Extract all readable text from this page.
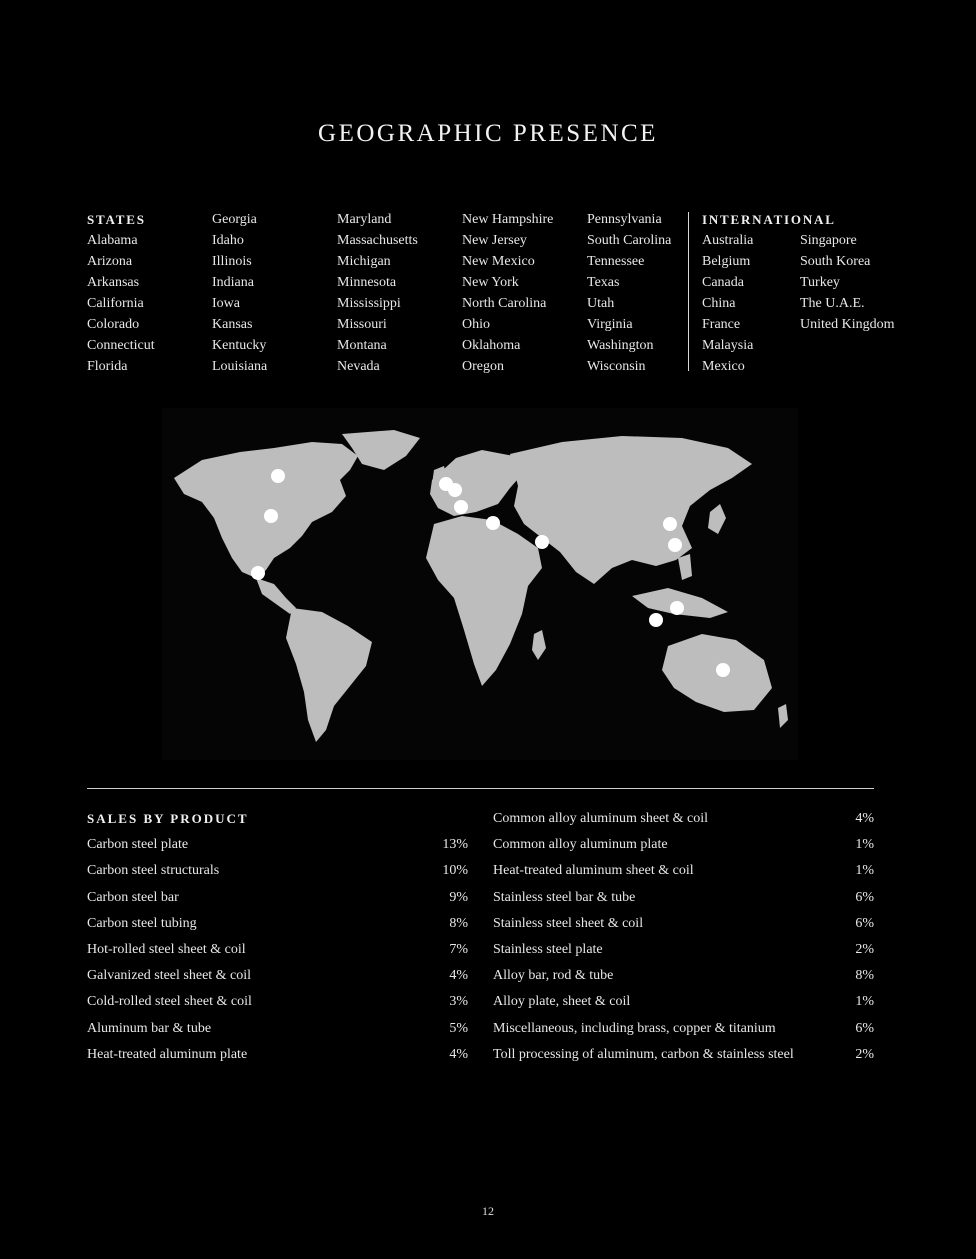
GEOGRAPHIC PRESENCE
STATES
Alabama
Arizona
Arkansas
California
Colorado
Connecticut
Florida
Georgia
Idaho
Illinois
Indiana
Iowa
Kansas
Kentucky
Louisiana
Maryland
Massachusetts
Michigan
Minnesota
Mississippi
Missouri
Montana
Nevada
New Hampshire
New Jersey
New Mexico
New York
North Carolina
Ohio
Oklahoma
Oregon
Pennsylvania
South Carolina
Tennessee
Texas
Utah
Virginia
Washington
Wisconsin
INTERNATIONAL
Australia
Belgium
Canada
China
France
Malaysia
Mexico

Singapore
South Korea
Turkey
The U.A.E.
United Kingdom
SALES BY PRODUCT
Carbon steel plate	13%
Carbon steel structurals	10%
Carbon steel bar	9%
Carbon steel tubing	8%
Hot-rolled steel sheet & coil	7%
Galvanized steel sheet & coil	4%
Cold-rolled steel sheet & coil	3%
Aluminum bar & tube	5%
Heat-treated aluminum plate	4%
Common alloy aluminum sheet & coil	4%
Common alloy aluminum plate	1%
Heat-treated aluminum sheet & coil	1%
Stainless steel bar & tube	6%
Stainless steel sheet & coil	6%
Stainless steel plate	2%
Alloy bar, rod & tube	8%
Alloy plate, sheet & coil	1%
Miscellaneous, including brass, copper & titanium	6%
Toll processing of aluminum, carbon & stainless steel	2%
12
